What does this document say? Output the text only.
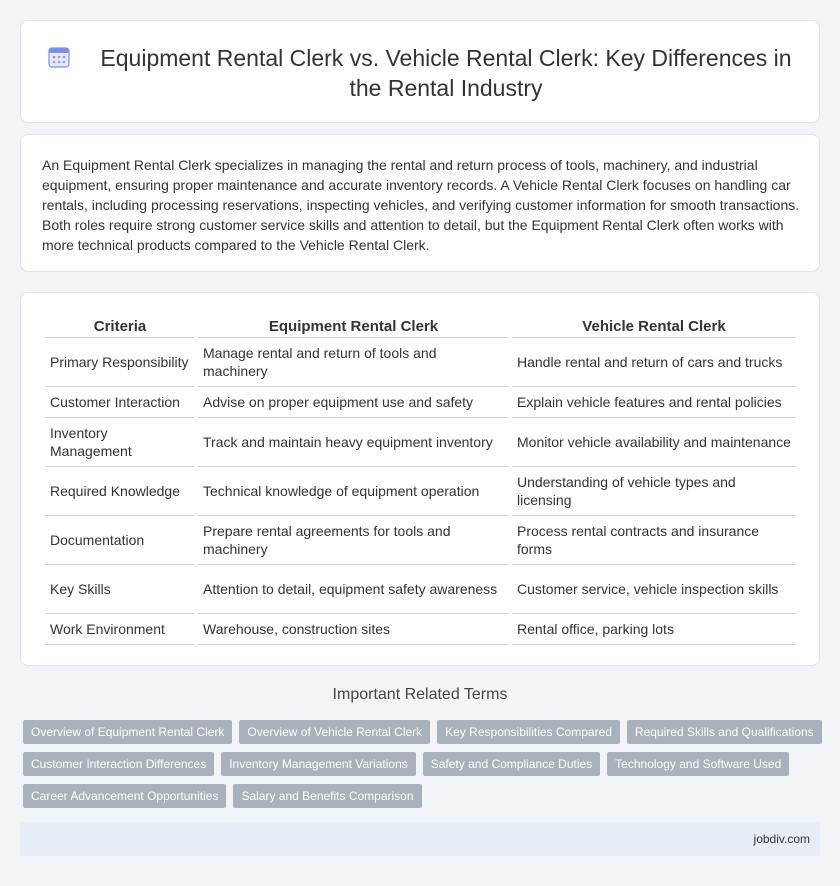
Equipment Rental Clerk vs. Vehicle Rental Clerk: Key Differences in the Rental Industry

An Equipment Rental Clerk specializes in managing the rental and return process of tools, machinery, and industrial equipment, ensuring proper maintenance and accurate inventory records. A Vehicle Rental Clerk focuses on handling car rentals, including processing reservations, inspecting vehicles, and verifying customer information for smooth transactions. Both roles require strong customer service skills and attention to detail, but the Equipment Rental Clerk often works with more technical products compared to the Vehicle Rental Clerk.

Criteria	Equipment Rental Clerk	Vehicle Rental Clerk
Primary Responsibility	Manage rental and return of tools and machinery	Handle rental and return of cars and trucks
Customer Interaction	Advise on proper equipment use and safety	Explain vehicle features and rental policies
Inventory Management	Track and maintain heavy equipment inventory	Monitor vehicle availability and maintenance
Required Knowledge	Technical knowledge of equipment operation	Understanding of vehicle types and licensing
Documentation	Prepare rental agreements for tools and machinery	Process rental contracts and insurance forms
Key Skills	Attention to detail, equipment safety awareness	Customer service, vehicle inspection skills
Work Environment	Warehouse, construction sites	Rental office, parking lots
Important Related Terms
Overview of Equipment Rental Clerk	Overview of Vehicle Rental Clerk	Key Responsibilities Compared	Required Skills and Qualifications
Customer Interaction Differences	Inventory Management Variations	Safety and Compliance Duties	Technology and Software Used
Career Advancement Opportunities	Salary and Benefits Comparison
jobdiv.com
